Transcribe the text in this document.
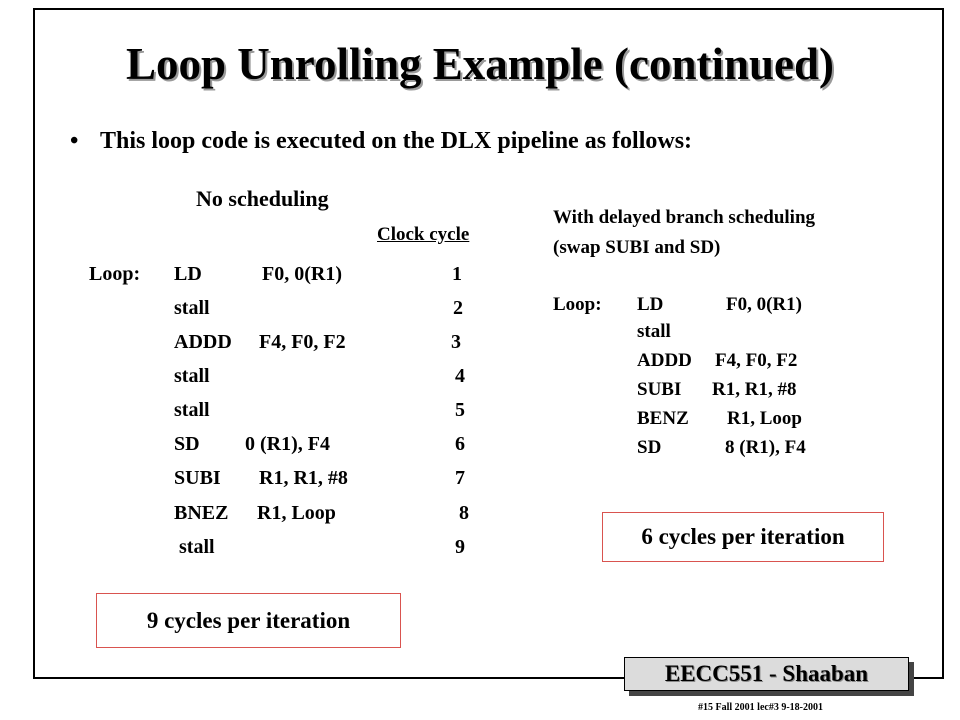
Loop Unrolling Example (continued)
• This loop code is executed on the DLX pipeline as follows:
No scheduling
Clock cycle
Loop: LD	F0, 0(R1)	1
stall	2
ADDD F4, F0, F2	3
stall	4
stall	5
SD 0 (R1), F4	6
SUBI R1, R1, #8	7
BNEZ R1, Loop	8
stall	9
9 cycles per iteration
With delayed branch scheduling
(swap SUBI and SD)
Loop: LD	F0, 0(R1)
stall
ADDD F4, F0, F2
SUBI R1, R1, #8
BENZ R1, Loop
SD	8 (R1), F4
6 cycles per iteration
EECC551 - Shaaban
#15 Fall 2001 lec#3 9-18-2001
